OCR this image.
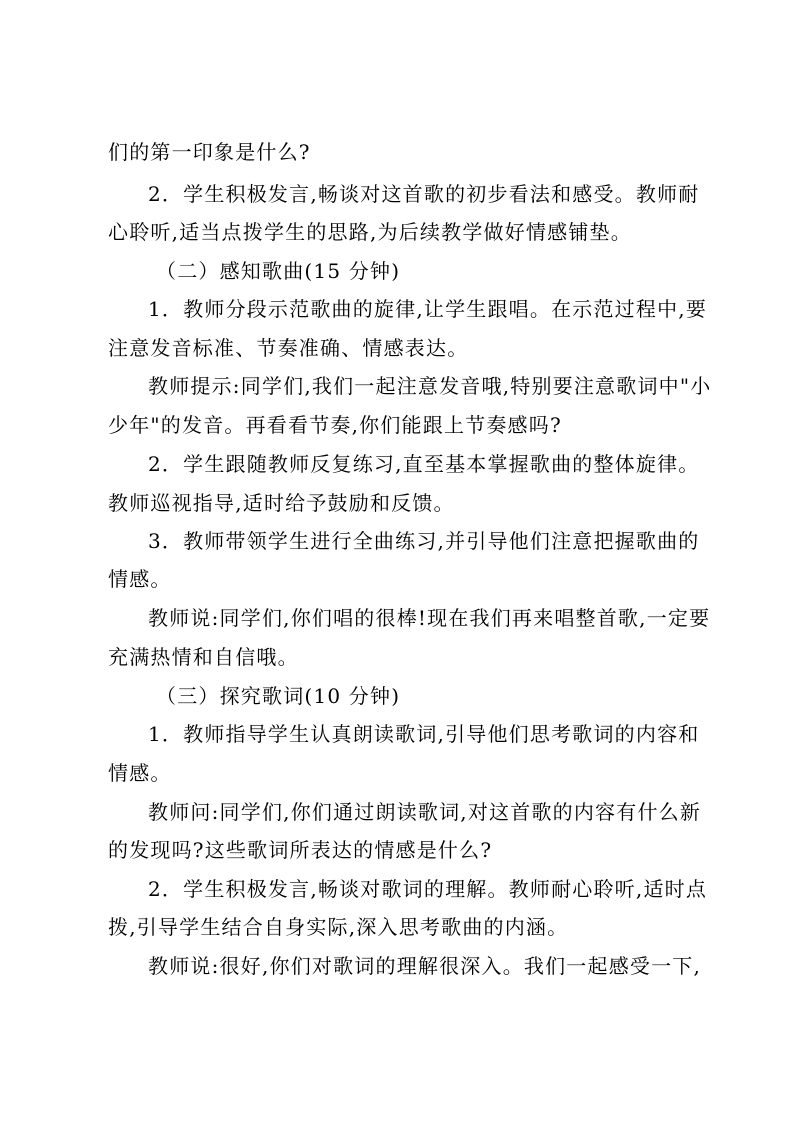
们的第一印象是什么?
2．学生积极发言,畅谈对这首歌的初步看法和感受。教师耐
心聆听,适当点拨学生的思路,为后续教学做好情感铺垫。
（二）感知歌曲(15 分钟)
1．教师分段示范歌曲的旋律,让学生跟唱。在示范过程中,要
注意发音标准、节奏准确、情感表达。
教师提示:同学们,我们一起注意发音哦,特别要注意歌词中"小
少年"的发音。再看看节奏,你们能跟上节奏感吗?
2．学生跟随教师反复练习,直至基本掌握歌曲的整体旋律。
教师巡视指导,适时给予鼓励和反馈。
3．教师带领学生进行全曲练习,并引导他们注意把握歌曲的
情感。
教师说:同学们,你们唱的很棒!现在我们再来唱整首歌,一定要
充满热情和自信哦。
（三）探究歌词(10 分钟)
1．教师指导学生认真朗读歌词,引导他们思考歌词的内容和
情感。
教师问:同学们,你们通过朗读歌词,对这首歌的内容有什么新
的发现吗?这些歌词所表达的情感是什么?
2．学生积极发言,畅谈对歌词的理解。教师耐心聆听,适时点
拨,引导学生结合自身实际,深入思考歌曲的内涵。
教师说:很好,你们对歌词的理解很深入。我们一起感受一下,
